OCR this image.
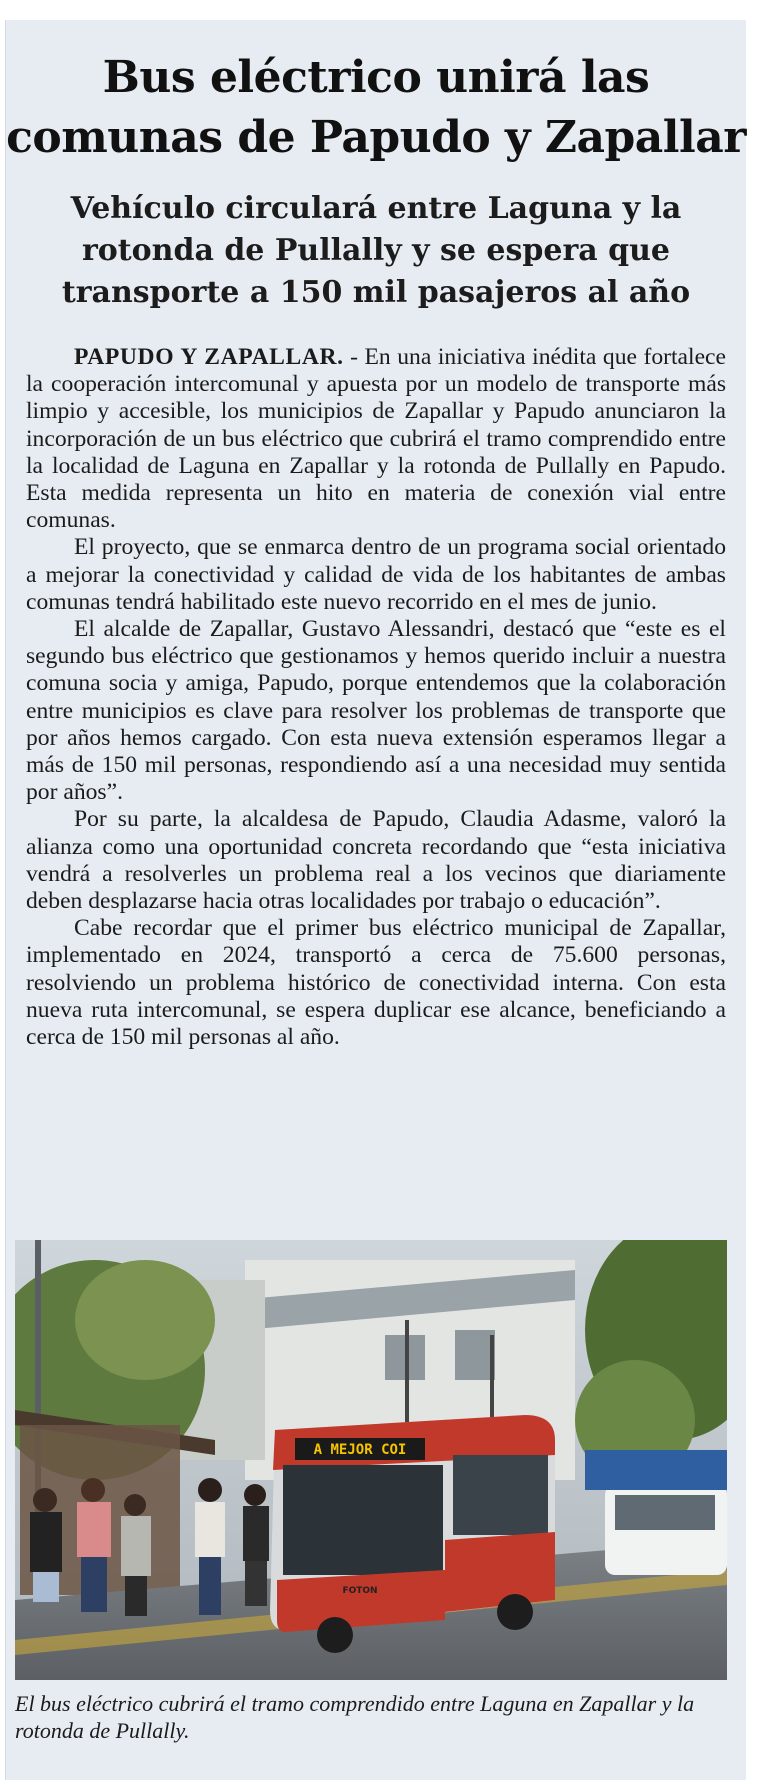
Bus eléctrico unirá las
comunas de Papudo y Zapallar
Vehículo circulará entre Laguna y la rotonda de Pullally y se espera que transporte a 150 mil pasajeros al año

PAPUDO Y ZAPALLAR. - En una iniciativa inédita que fortalece la cooperación intercomunal y apuesta por un modelo de transporte más limpio y accesible, los municipios de Zapallar y Papudo anunciaron la incorporación de un bus eléctrico que cubrirá el tramo comprendido entre la localidad de Laguna en Zapallar y la rotonda de Pullally en Papudo. Esta medida representa un hito en materia de conexión vial entre comunas.

El proyecto, que se enmarca dentro de un programa social orientado a mejorar la conectividad y calidad de vida de los habitantes de ambas comunas tendrá habilitado este nuevo recorrido en el mes de junio.

El alcalde de Zapallar, Gustavo Alessandri, destacó que “este es el segundo bus eléctrico que gestionamos y hemos querido incluir a nuestra comuna socia y amiga, Papudo, porque entendemos que la colaboración entre municipios es clave para resolver los problemas de transporte que por años hemos cargado. Con esta nueva extensión esperamos llegar a más de 150 mil personas, respondiendo así a una necesidad muy sentida por años”.

Por su parte, la alcaldesa de Papudo, Claudia Adasme, valoró la alianza como una oportunidad concreta recordando que “esta iniciativa vendrá a resolverles un problema real a los vecinos que diariamente deben desplazarse hacia otras localidades por trabajo o educación”.

Cabe recordar que el primer bus eléctrico municipal de Zapallar, implementado en 2024, transportó a cerca de 75.600 personas, resolviendo un problema histórico de conectividad interna. Con esta nueva ruta intercomunal, se espera duplicar ese alcance, beneficiando a cerca de 150 mil personas al año.

A MEJOR COI
FOTON
El bus eléctrico cubrirá el tramo comprendido entre Laguna en Zapallar y la rotonda de Pullally.
